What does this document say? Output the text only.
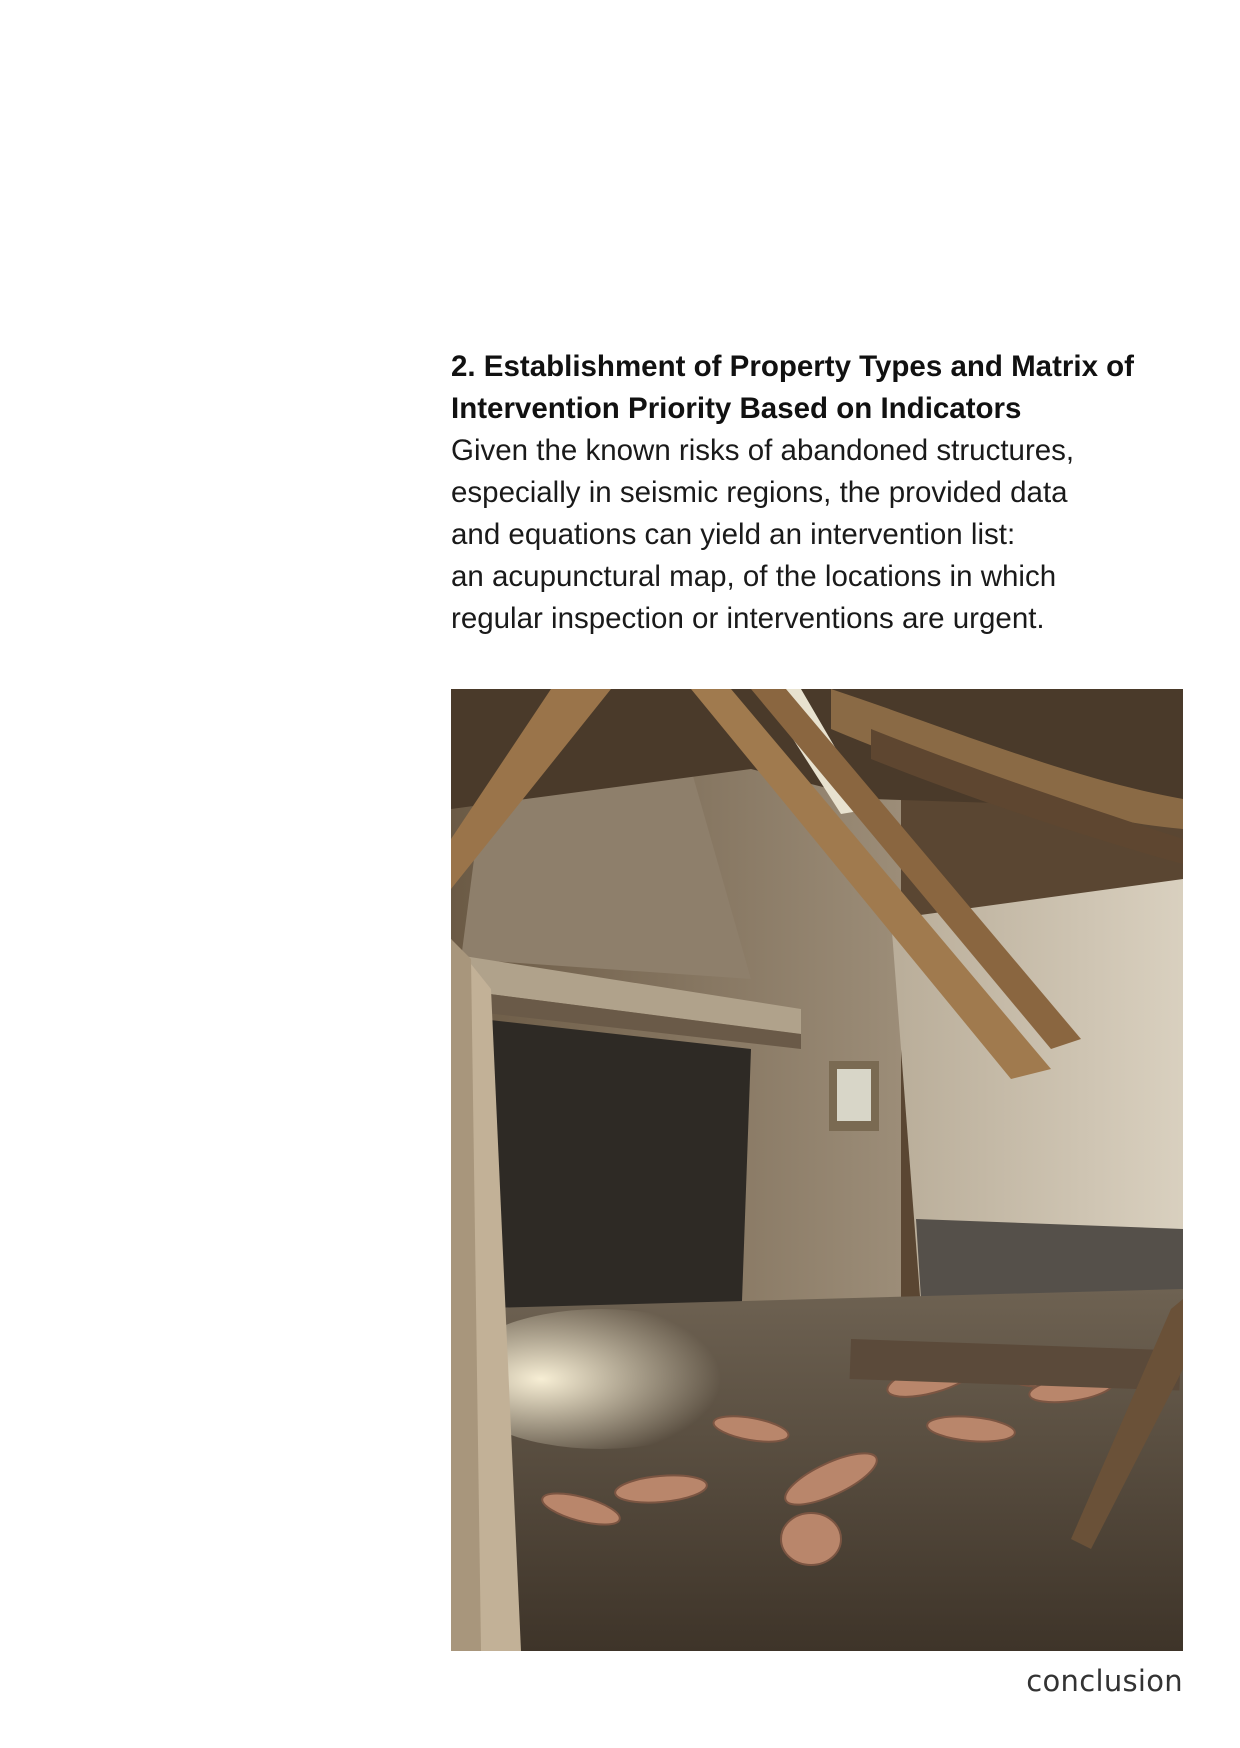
2. Establishment of Property Types and Matrix of
Intervention Priority Based on Indicators

Given the known risks of abandoned structures,
especially in seismic regions, the provided data
and equations can yield an intervention list:
an acupunctural map, of the locations in which
regular inspection or interventions are urgent.

conclusion
